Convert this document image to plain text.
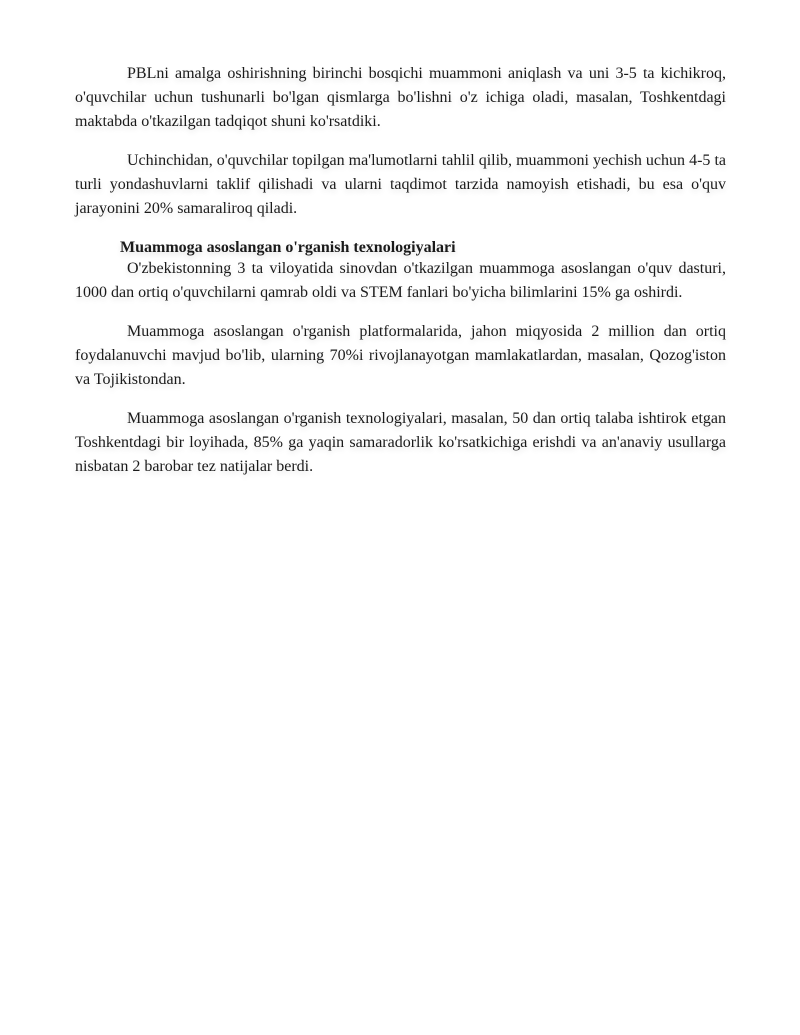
PBLni amalga oshirishning birinchi bosqichi muammoni aniqlash va uni 3-5 ta kichikroq, o'quvchilar uchun tushunarli bo'lgan qismlarga bo'lishni o'z ichiga oladi, masalan, Toshkentdagi maktabda o'tkazilgan tadqiqot shuni ko'rsatdiki.

Uchinchidan, o'quvchilar topilgan ma'lumotlarni tahlil qilib, muammoni yechish uchun 4-5 ta turli yondashuvlarni taklif qilishadi va ularni taqdimot tarzida namoyish etishadi, bu esa o'quv jarayonini 20% samaraliroq qiladi.

Muammoga asoslangan o'rganish texnologiyalari

O'zbekistonning 3 ta viloyatida sinovdan o'tkazilgan muammoga asoslangan o'quv dasturi, 1000 dan ortiq o'quvchilarni qamrab oldi va STEM fanlari bo'yicha bilimlarini 15% ga oshirdi.

Muammoga asoslangan o'rganish platformalarida, jahon miqyosida 2 million dan ortiq foydalanuvchi mavjud bo'lib, ularning 70%i rivojlanayotgan mamlakatlardan, masalan, Qozog'iston va Tojikistondan.

Muammoga asoslangan o'rganish texnologiyalari, masalan, 50 dan ortiq talaba ishtirok etgan Toshkentdagi bir loyihada, 85% ga yaqin samaradorlik ko'rsatkichiga erishdi va an'anaviy usullarga nisbatan 2 barobar tez natijalar berdi.
